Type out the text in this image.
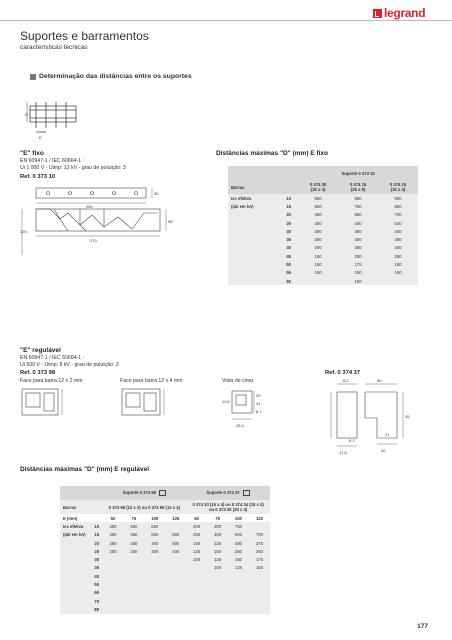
legrand
Suportes e barramentos
características técnicas
Determinação das distâncias entre os suportes
D
E
"E" fixo
EN 60947-1 / IEC 60664-1 :
Ui 1 000 V - Uimp: 12 kV - grau de poluição: 3
Ref. 0 373 10
250
270
125
98
30
Distâncias máximas "D" (mm) E fixo
		Suporte 0 373 10		
Barras		0 374 35
(20 x 4)	0 374 15
(25 x 5)	0 374 15
(32 x 4)
Icc efetiva	10	660	660	900
(ipk em kA)	15	600	750	800
	20	450	550	700
	25	360	440	540
	30	300	360	440
	35	260	300	380
	40	200	280	340
	45	180	200	280
	50	150	175	180
	55	150	150	190
	60		160	
"E" regulável
EN 60947-1 / IEC 60664-1 :
Ui 500 V - Uimp: 8 kV - grau de poluição: 3
Ref. 0 373 98	Ref. 0 374 37
Face para barra 12 x 2 mm	Face para barra 12 x 4 mm	Vista de cima
28,5
29
41
8,7
10,5
6,2	60
35
6,2
42
17,5
21
Distâncias máximas "D" (mm) E regulável
		Suporte 0 373 98				Suporte 0 374 37			
Barras		0 373 98 (12 x 2) ou 0 373 99 (12 x 4)				0 374 33 (15 x 4) ou 0 374 34 (18 x 4)
ou 0 374 35 (20 x 4)			
E (mm)		50	75	100	125	50	75	100	125
Icc efetiva	10	400	600	800		200	300	750	
(Ipk em kA)	15	300	450	600	800	250	400	500	700
	20	250	360	480	600	150	225	300	375
	25	200	250	300	400	125	150	250	250
	30					100	125	150	175
	35						100	125	150
	40								
	50								
	60								
	70								
	80								
177
